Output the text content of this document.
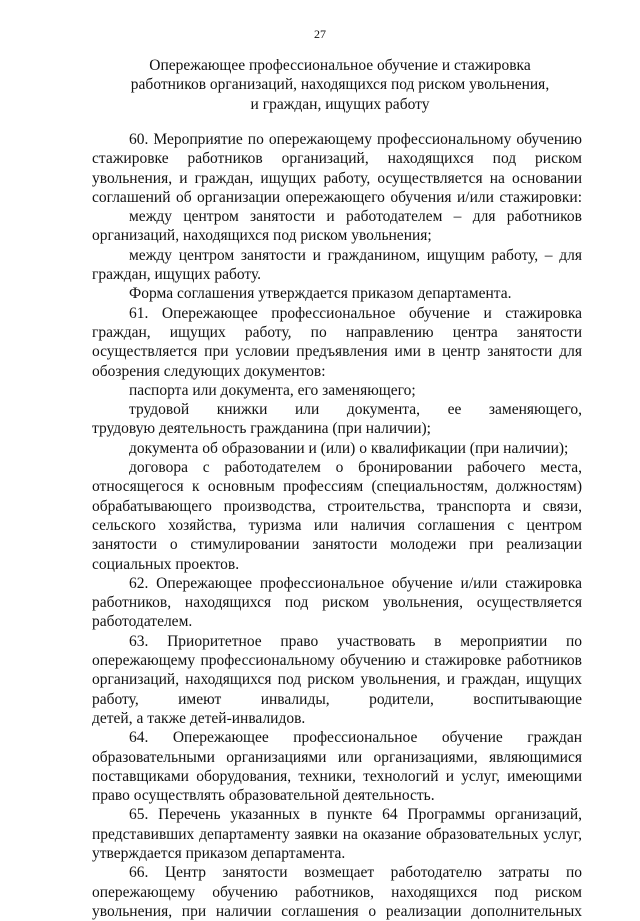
27
Опережающее профессиональное обучение и стажировка
работников организаций, находящихся под риском увольнения,
и граждан, ищущих работу
60. Мероприятие по опережающему профессиональному обучению
стажировке работников организаций, находящихся под риском
увольнения, и граждан, ищущих работу, осуществляется на основании
соглашений об организации опережающего обучения и/или стажировки:
между центром занятости и работодателем – для работников
организаций, находящихся под риском увольнения;
между центром занятости и гражданином, ищущим работу, – для
граждан, ищущих работу.
Форма соглашения утверждается приказом департамента.
61. Опережающее профессиональное обучение и стажировка
граждан, ищущих работу, по направлению центра занятости
осуществляется при условии предъявления ими в центр занятости для
обозрения следующих документов:
паспорта или документа, его заменяющего;
трудовой книжки или документа, ее заменяющего,
трудовую деятельность гражданина (при наличии);
документа об образовании и (или) о квалификации (при наличии);
договора с работодателем о бронировании рабочего места,
относящегося к основным профессиям (специальностям, должностям)
обрабатывающего производства, строительства, транспорта и связи,
сельского хозяйства, туризма или наличия соглашения с центром
занятости о стимулировании занятости молодежи при реализации
социальных проектов.
62. Опережающее профессиональное обучение и/или стажировка
работников, находящихся под риском увольнения, осуществляется
работодателем.
63. Приоритетное право участвовать в мероприятии по
опережающему профессиональному обучению и стажировке работников
организаций, находящихся под риском увольнения, и граждан, ищущих
работу, имеют инвалиды, родители, воспитывающие
детей, а также детей-инвалидов.
64. Опережающее профессиональное обучение граждан
образовательными организациями или организациями, являющимися
поставщиками оборудования, техники, технологий и услуг, имеющими
право осуществлять образовательной деятельность.
65. Перечень указанных в пункте 64 Программы организаций,
представивших департаменту заявки на оказание образовательных услуг,
утверждается приказом департамента.
66. Центр занятости возмещает работодателю затраты по
опережающему обучению работников, находящихся под риском
увольнения, при наличии соглашения о реализации дополнительных
